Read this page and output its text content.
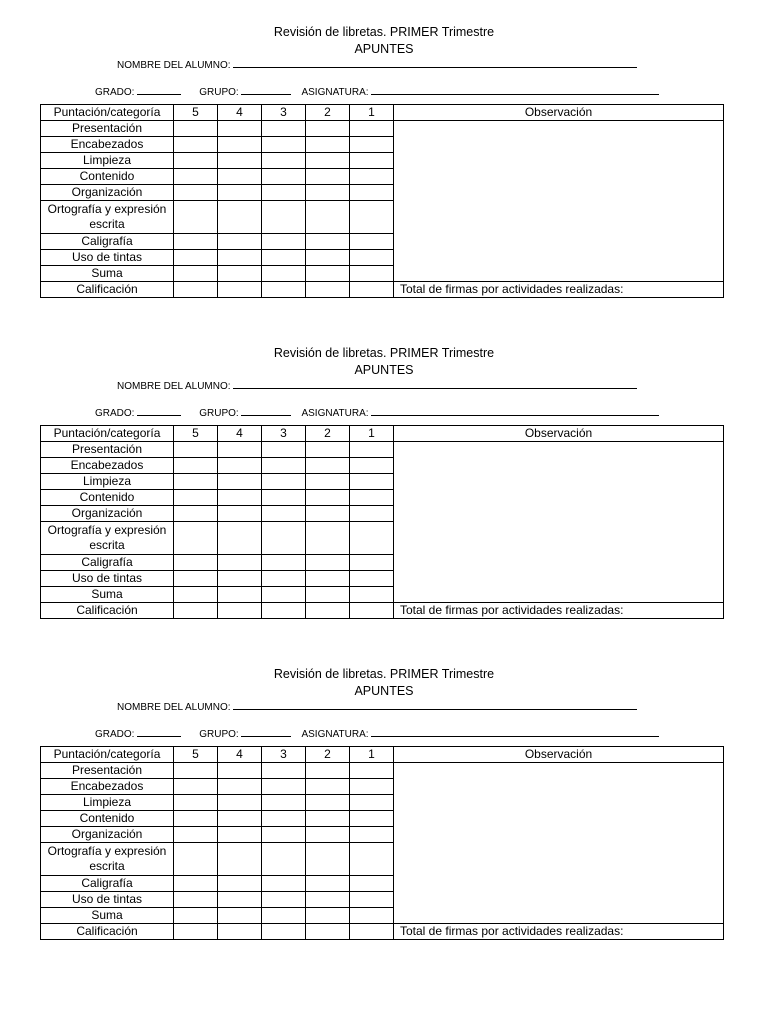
Revisión de libretas. PRIMER Trimestre
APUNTES
NOMBRE DEL ALUMNO:
GRADO:	GRUPO:	ASIGNATURA:
Puntación/categoría	5	4	3	2	1	Observación
Presentación						
Encabezados						
Limpieza						
Contenido						
Organización						
Ortografía y expresión escrita						
Caligrafía						
Uso de tintas						
Suma						
Calificación						Total de firmas por actividades realizadas:
Revisión de libretas. PRIMER Trimestre
APUNTES
NOMBRE DEL ALUMNO:
GRADO:	GRUPO:	ASIGNATURA:
Puntación/categoría	5	4	3	2	1	Observación
Presentación						
Encabezados						
Limpieza						
Contenido						
Organización						
Ortografía y expresión escrita						
Caligrafía						
Uso de tintas						
Suma						
Calificación						Total de firmas por actividades realizadas:
Revisión de libretas. PRIMER Trimestre
APUNTES
NOMBRE DEL ALUMNO:
GRADO:	GRUPO:	ASIGNATURA:
Puntación/categoría	5	4	3	2	1	Observación
Presentación						
Encabezados						
Limpieza						
Contenido						
Organización						
Ortografía y expresión escrita						
Caligrafía						
Uso de tintas						
Suma						
Calificación						Total de firmas por actividades realizadas:
